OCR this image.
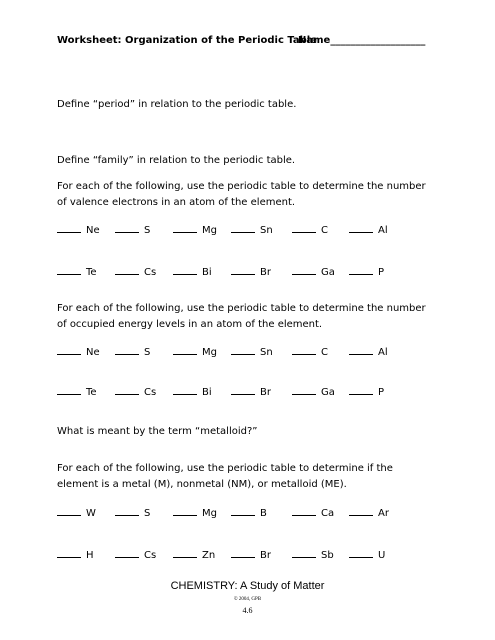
Worksheet: Organization of the Periodic Table
Name___________________
Define “period” in relation to the periodic table.
Define “family” in relation to the periodic table.
For each of the following, use the periodic table to determine the number of valence electrons in an atom of the element.
Ne	S	Mg	Sn	C	Al
Te	Cs	Bi	Br	Ga	P
For each of the following, use the periodic table to determine the number of occupied energy levels in an atom of the element.
Ne	S	Mg	Sn	C	Al
Te	Cs	Bi	Br	Ga	P
What is meant by the term “metalloid?”
For each of the following, use the periodic table to determine if the element is a metal (M), nonmetal (NM), or metalloid (ME).
W	S	Mg	B	Ca	Ar
H	Cs	Zn	Br	Sb	U
CHEMISTRY: A Study of Matter
© 2004, GPB
4.6
